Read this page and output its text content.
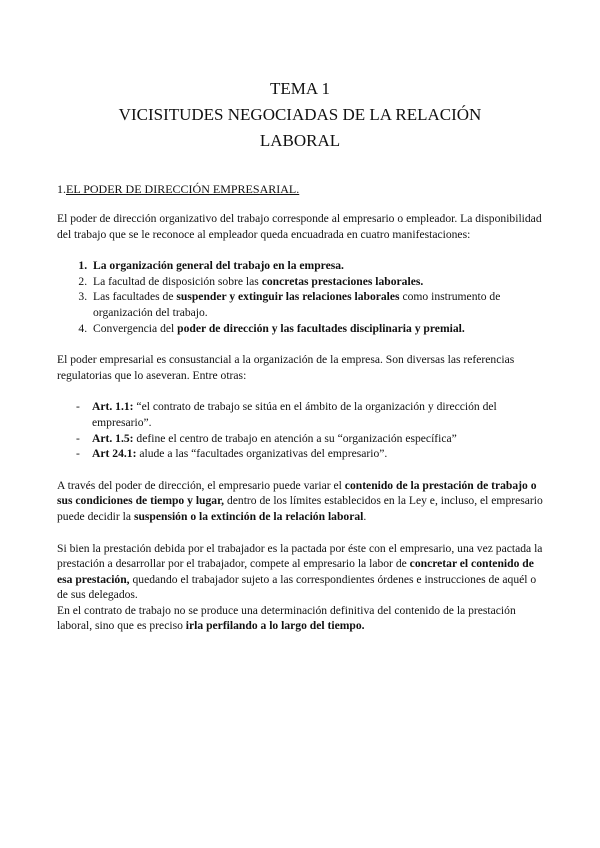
TEMA 1
VICISITUDES NEGOCIADAS DE LA RELACIÓN
LABORAL
1.EL PODER DE DIRECCIÓN EMPRESARIAL.

El poder de dirección organizativo del trabajo corresponde al empresario o empleador. La disponibilidad del trabajo que se le reconoce al empleador queda encuadrada en cuatro manifestaciones:

1. La organización general del trabajo en la empresa.
2. La facultad de disposición sobre las concretas prestaciones laborales.
3. Las facultades de suspender y extinguir las relaciones laborales como instrumento de organización del trabajo.
4. Convergencia del poder de dirección y las facultades disciplinaria y premial.

El poder empresarial es consustancial a la organización de la empresa. Son diversas las referencias regulatorias que lo aseveran. Entre otras:

- Art. 1.1: “el contrato de trabajo se sitúa en el ámbito de la organización y dirección del empresario”.
- Art. 1.5: define el centro de trabajo en atención a su “organización específica”
- Art 24.1: alude a las “facultades organizativas del empresario”.

A través del poder de dirección, el empresario puede variar el contenido de la prestación de trabajo o sus condiciones de tiempo y lugar, dentro de los límites establecidos en la Ley e, incluso, el empresario puede decidir la suspensión o la extinción de la relación laboral.

Si bien la prestación debida por el trabajador es la pactada por éste con el empresario, una vez pactada la prestación a desarrollar por el trabajador, compete al empresario la labor de concretar el contenido de esa prestación, quedando el trabajador sujeto a las correspondientes órdenes e instrucciones de aquél o de sus delegados.

En el contrato de trabajo no se produce una determinación definitiva del contenido de la prestación laboral, sino que es preciso irla perfilando a lo largo del tiempo.
